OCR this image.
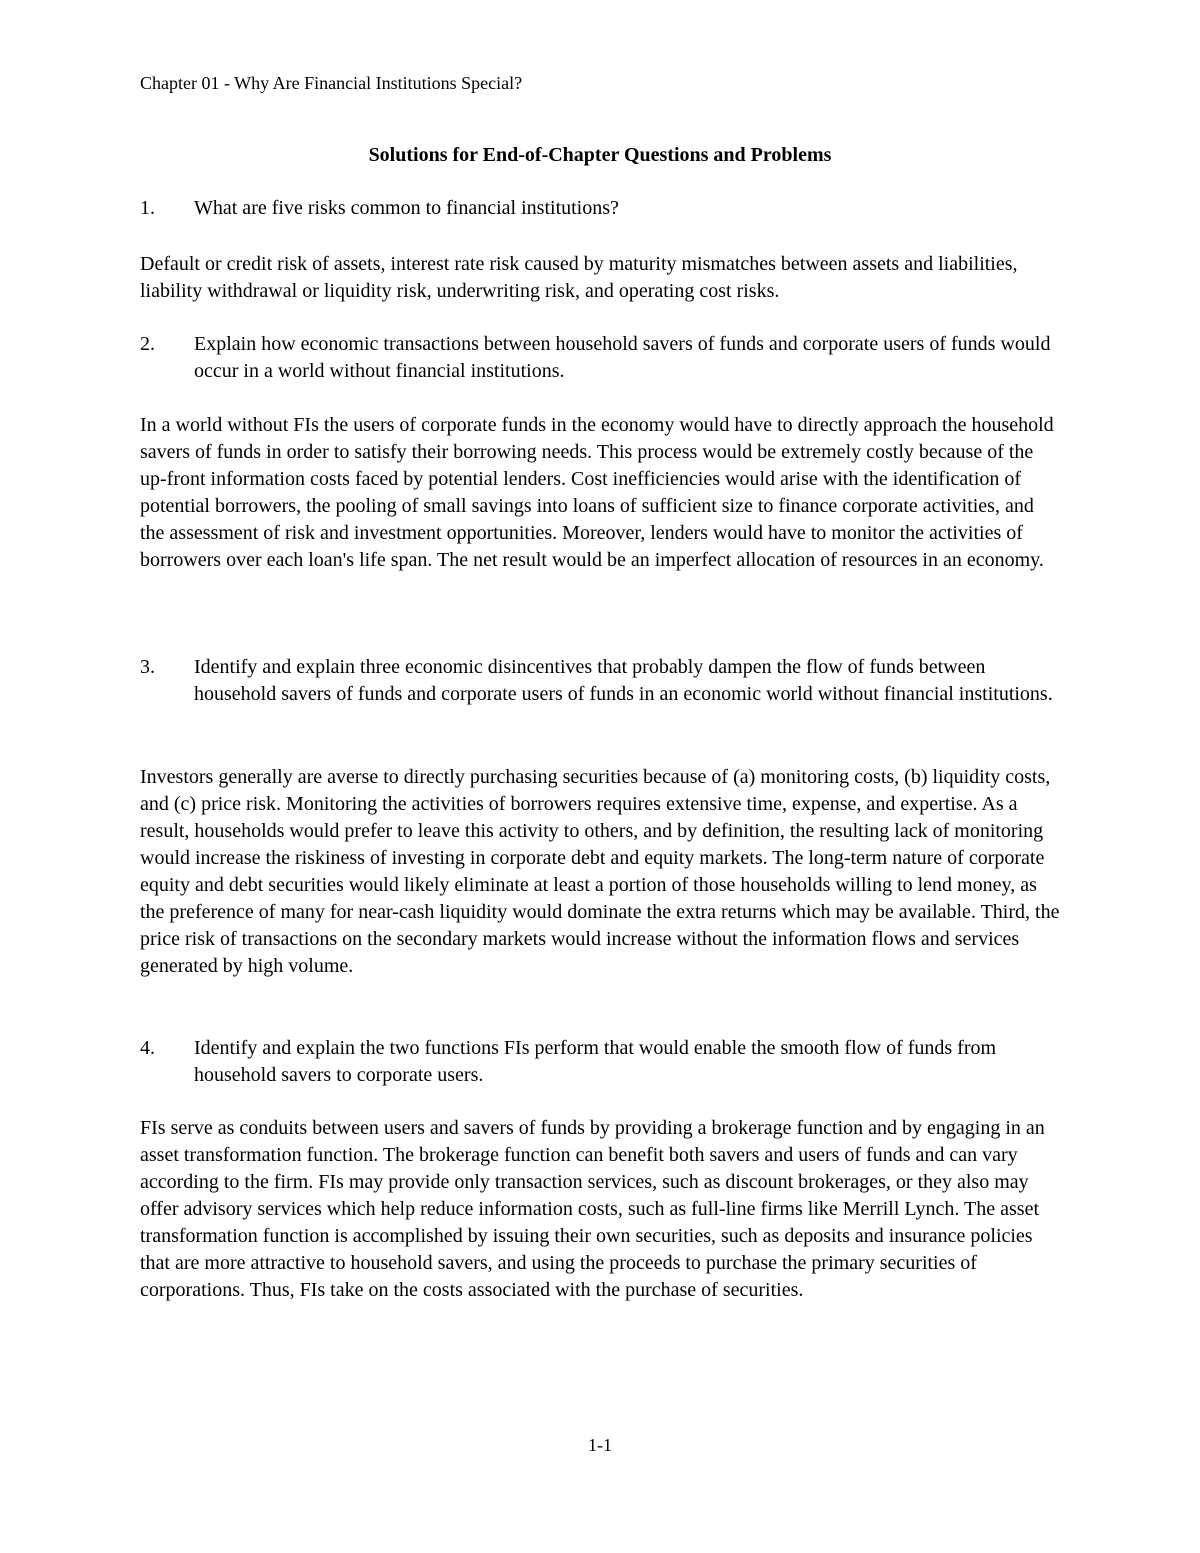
Chapter 01 - Why Are Financial Institutions Special?
Solutions for End-of-Chapter Questions and Problems
1.	What are five risks common to financial institutions?
Default or credit risk of assets, interest rate risk caused by maturity mismatches between assets and liabilities, liability withdrawal or liquidity risk, underwriting risk, and operating cost risks.
2.	Explain how economic transactions between household savers of funds and corporate users of funds would occur in a world without financial institutions.
In a world without FIs the users of corporate funds in the economy would have to directly approach the household savers of funds in order to satisfy their borrowing needs. This process would be extremely costly because of the up-front information costs faced by potential lenders. Cost inefficiencies would arise with the identification of potential borrowers, the pooling of small savings into loans of sufficient size to finance corporate activities, and the assessment of risk and investment opportunities. Moreover, lenders would have to monitor the activities of borrowers over each loan's life span. The net result would be an imperfect allocation of resources in an economy.
3.	Identify and explain three economic disincentives that probably dampen the flow of funds between household savers of funds and corporate users of funds in an economic world without financial institutions.
Investors generally are averse to directly purchasing securities because of (a) monitoring costs, (b) liquidity costs, and (c) price risk. Monitoring the activities of borrowers requires extensive time, expense, and expertise. As a result, households would prefer to leave this activity to others, and by definition, the resulting lack of monitoring would increase the riskiness of investing in corporate debt and equity markets. The long-term nature of corporate equity and debt securities would likely eliminate at least a portion of those households willing to lend money, as the preference of many for near-cash liquidity would dominate the extra returns which may be available. Third, the price risk of transactions on the secondary markets would increase without the information flows and services generated by high volume.
4.	Identify and explain the two functions FIs perform that would enable the smooth flow of funds from household savers to corporate users.
FIs serve as conduits between users and savers of funds by providing a brokerage function and by engaging in an asset transformation function. The brokerage function can benefit both savers and users of funds and can vary according to the firm. FIs may provide only transaction services, such as discount brokerages, or they also may offer advisory services which help reduce information costs, such as full-line firms like Merrill Lynch. The asset transformation function is accomplished by issuing their own securities, such as deposits and insurance policies that are more attractive to household savers, and using the proceeds to purchase the primary securities of corporations. Thus, FIs take on the costs associated with the purchase of securities.
1-1
